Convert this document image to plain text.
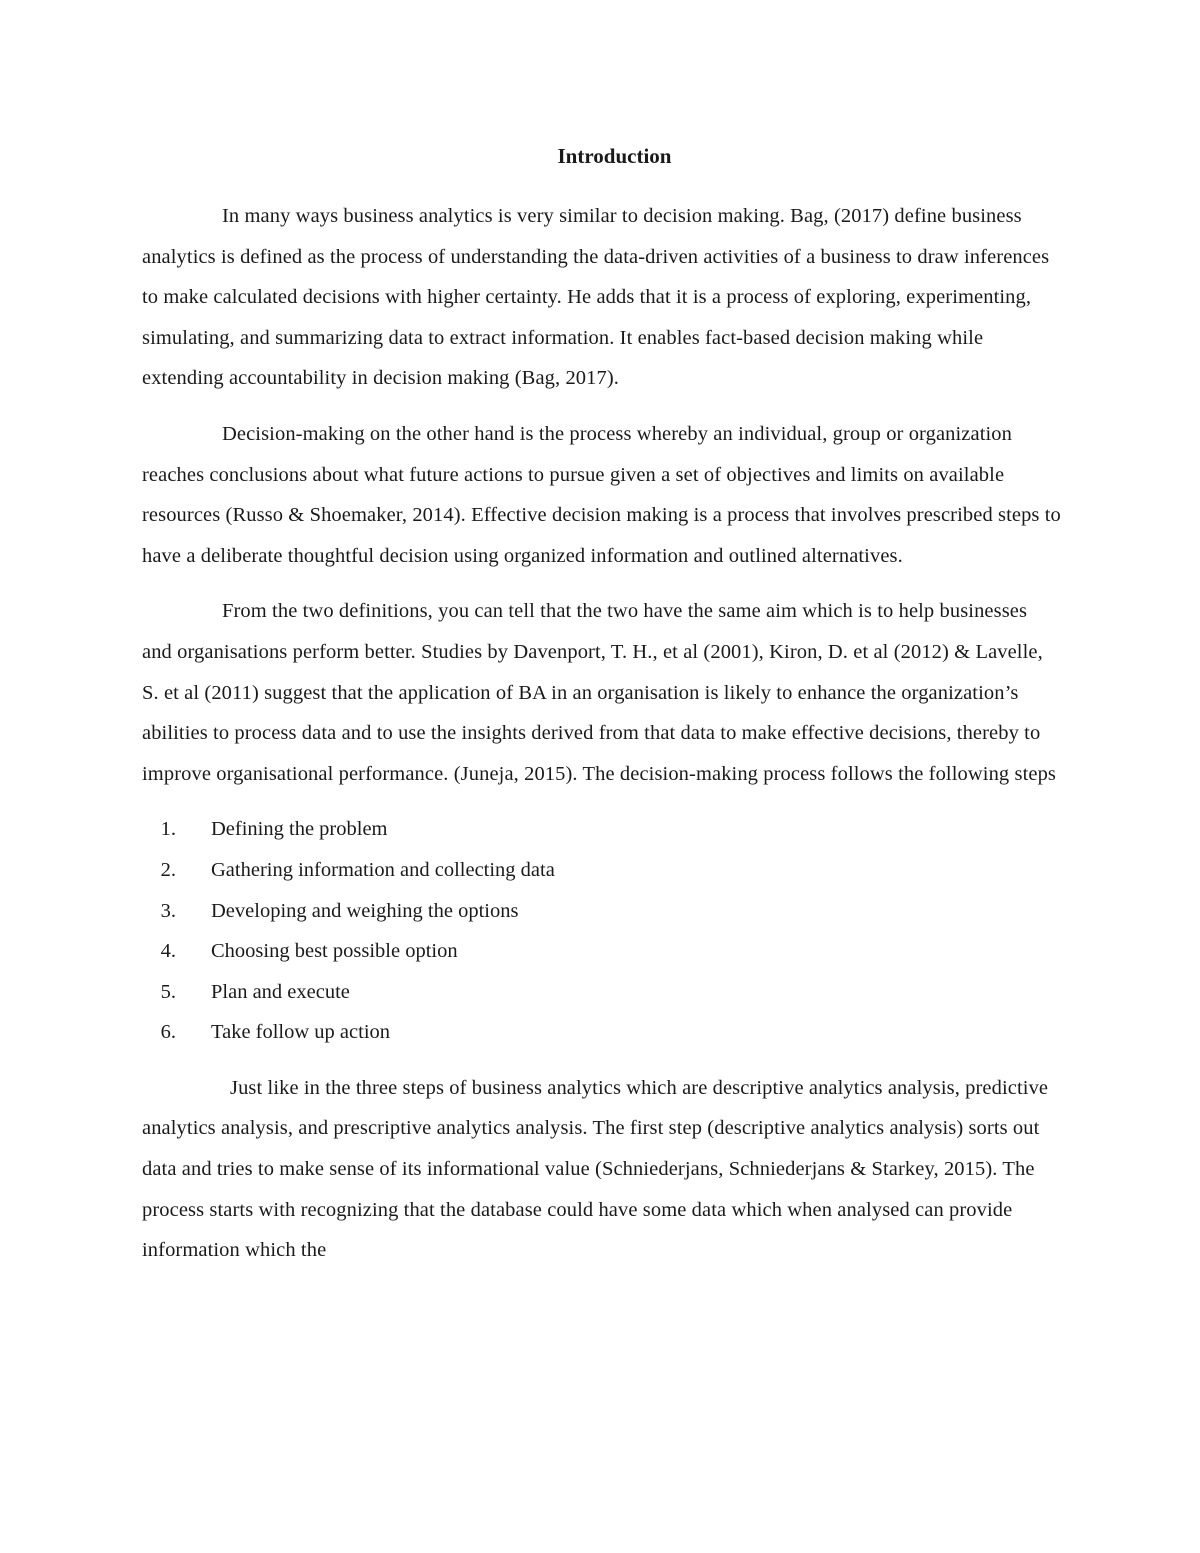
Introduction

In many ways business analytics is very similar to decision making. Bag, (2017) define business analytics is defined as the process of understanding the data-driven activities of a business to draw inferences to make calculated decisions with higher certainty. He adds that it is a process of exploring, experimenting, simulating, and summarizing data to extract information. It enables fact-based decision making while extending accountability in decision making (Bag, 2017).

Decision-making on the other hand is the process whereby an individual, group or organization reaches conclusions about what future actions to pursue given a set of objectives and limits on available resources (Russo & Shoemaker, 2014). Effective decision making is a process that involves prescribed steps to have a deliberate thoughtful decision using organized information and outlined alternatives.

From the two definitions, you can tell that the two have the same aim which is to help businesses and organisations perform better. Studies by Davenport, T. H., et al (2001), Kiron, D. et al (2012) & Lavelle, S. et al (2011) suggest that the application of BA in an organisation is likely to enhance the organization’s abilities to process data and to use the insights derived from that data to make effective decisions, thereby to improve organisational performance. (Juneja, 2015). The decision-making process follows the following steps

1.	Defining the problem
2.	Gathering information and collecting data
3.	Developing and weighing the options
4.	Choosing best possible option
5.	Plan and execute
6.	Take follow up action

Just like in the three steps of business analytics which are descriptive analytics analysis, predictive analytics analysis, and prescriptive analytics analysis. The first step (descriptive analytics analysis) sorts out data and tries to make sense of its informational value (Schniederjans, Schniederjans & Starkey, 2015). The process starts with recognizing that the database could have some data which when analysed can provide information which the
